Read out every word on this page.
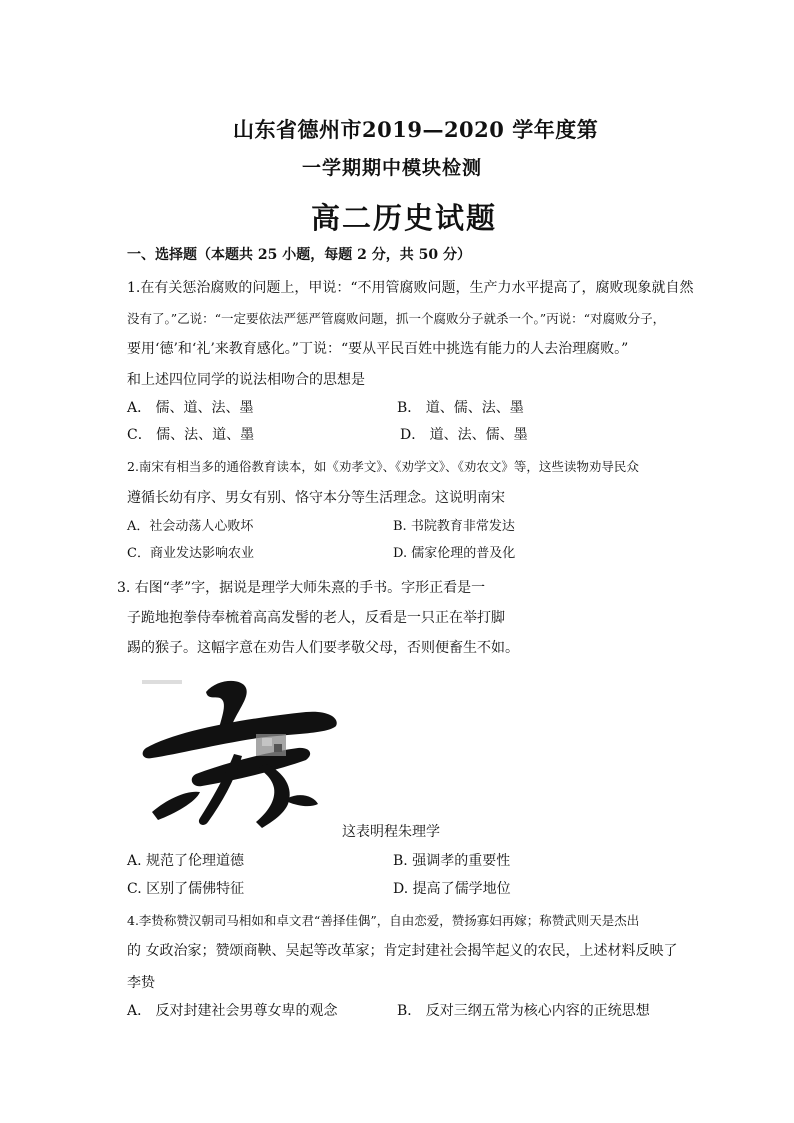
山东省德州市2019—2020 学年度第
一学期期中模块检测
高二历史试题
一、选择题（本题共 25 小题，每题 2 分，共 50 分）
1.在有关惩治腐败的问题上，甲说：“不用管腐败问题，生产力水平提高了，腐败现象就自然
没有了。”乙说：“一定要依法严惩严管腐败问题，抓一个腐败分子就杀一个。”丙说：“对腐败分子，
要用‘德’和‘礼’来教育感化。”丁说：“要从平民百姓中挑选有能力的人去治理腐败。”
和上述四位同学的说法相吻合的思想是
A． 儒、道、法、墨	B． 道、儒、法、墨
C． 儒、法、道、墨	D． 道、法、儒、墨
2.南宋有相当多的通俗教育读本，如《劝孝文》、《劝学文》、《劝农文》等，这些读物劝导民众
遵循长幼有序、男女有别、恪守本分等生活理念。这说明南宋
A．社会动荡人心败坏	B. 书院教育非常发达
C．商业发达影响农业	D. 儒家伦理的普及化
3. 右图“孝”字，据说是理学大师朱熹的手书。字形正看是一
子跪地抱拳侍奉梳着高高发髻的老人，反看是一只正在举打脚
踢的猴子。这幅字意在劝告人们要孝敬父母，否则便畜生不如。
这表明程朱理学
A. 规范了伦理道德	B. 强调孝的重要性
C. 区别了儒佛特征	D. 提高了儒学地位
4.李贽称赞汉朝司马相如和卓文君“善择佳偶”，自由恋爱，赞扬寡妇再嫁；称赞武则天是杰出
的 女政治家；赞颂商鞅、吴起等改革家；肯定封建社会揭竿起义的农民，上述材料反映了
李贽
A． 反对封建社会男尊女卑的观念	B． 反对三纲五常为核心内容的正统思想
